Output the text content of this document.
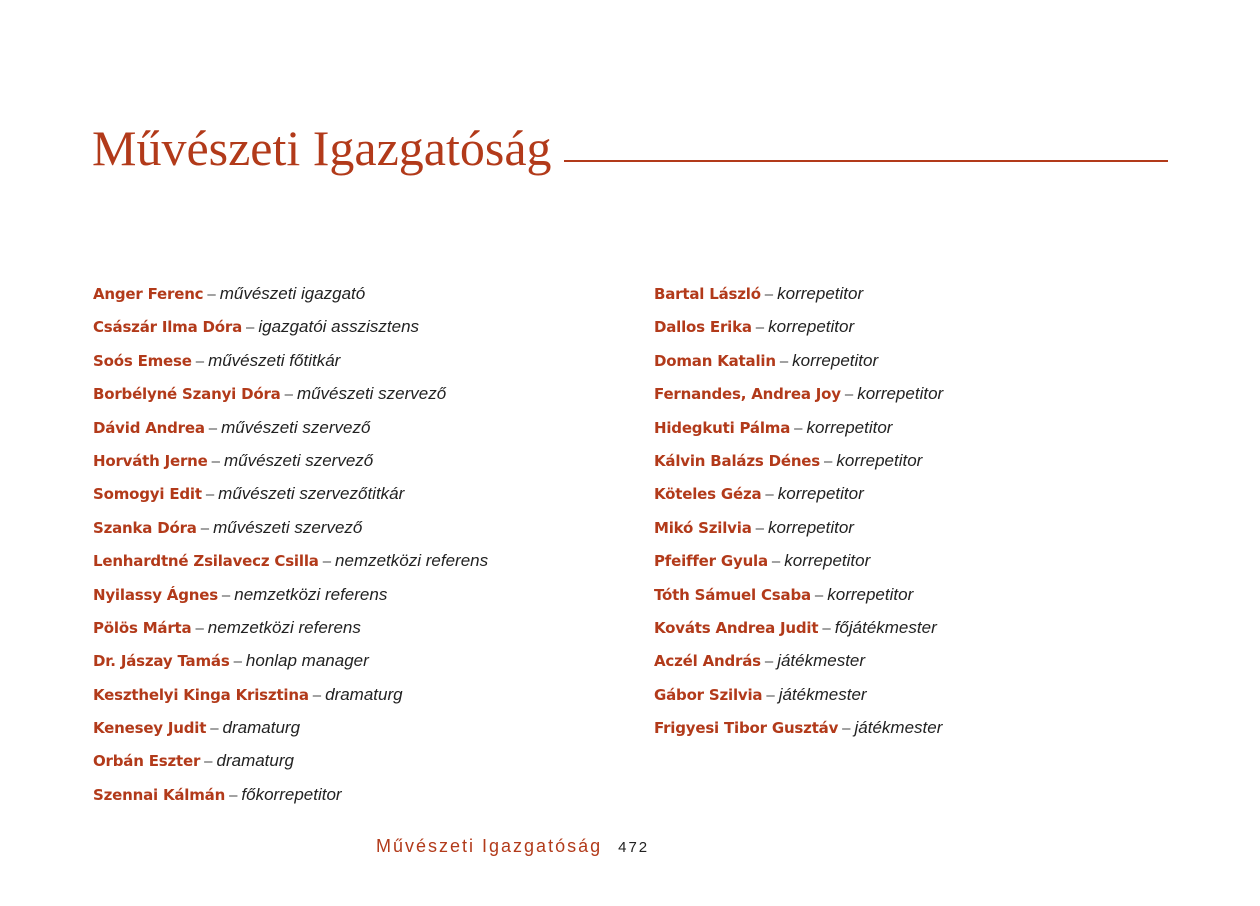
Művészeti Igazgatóság
Anger Ferenc – művészeti igazgató
Császár Ilma Dóra – igazgatói asszisztens
Soós Emese – művészeti főtitkár
Borbélyné Szanyi Dóra – művészeti szervező
Dávid Andrea – művészeti szervező
Horváth Jerne – művészeti szervező
Somogyi Edit – művészeti szervezőtitkár
Szanka Dóra – művészeti szervező
Lenhardtné Zsilavecz Csilla – nemzetközi referens
Nyilassy Ágnes – nemzetközi referens
Pölös Márta – nemzetközi referens
Dr. Jászay Tamás – honlap manager
Keszthelyi Kinga Krisztina – dramaturg
Kenesey Judit – dramaturg
Orbán Eszter – dramaturg
Szennai Kálmán – főkorrepetitor
Bartal László – korrepetitor
Dallos Erika – korrepetitor
Doman Katalin – korrepetitor
Fernandes, Andrea Joy – korrepetitor
Hidegkuti Pálma – korrepetitor
Kálvin Balázs Dénes – korrepetitor
Köteles Géza – korrepetitor
Mikó Szilvia – korrepetitor
Pfeiffer Gyula – korrepetitor
Tóth Sámuel Csaba – korrepetitor
Kováts Andrea Judit – főjátékmester
Aczél András – játékmester
Gábor Szilvia – játékmester
Frigyesi Tibor Gusztáv – játékmester
Művészeti Igazgatóság 472
